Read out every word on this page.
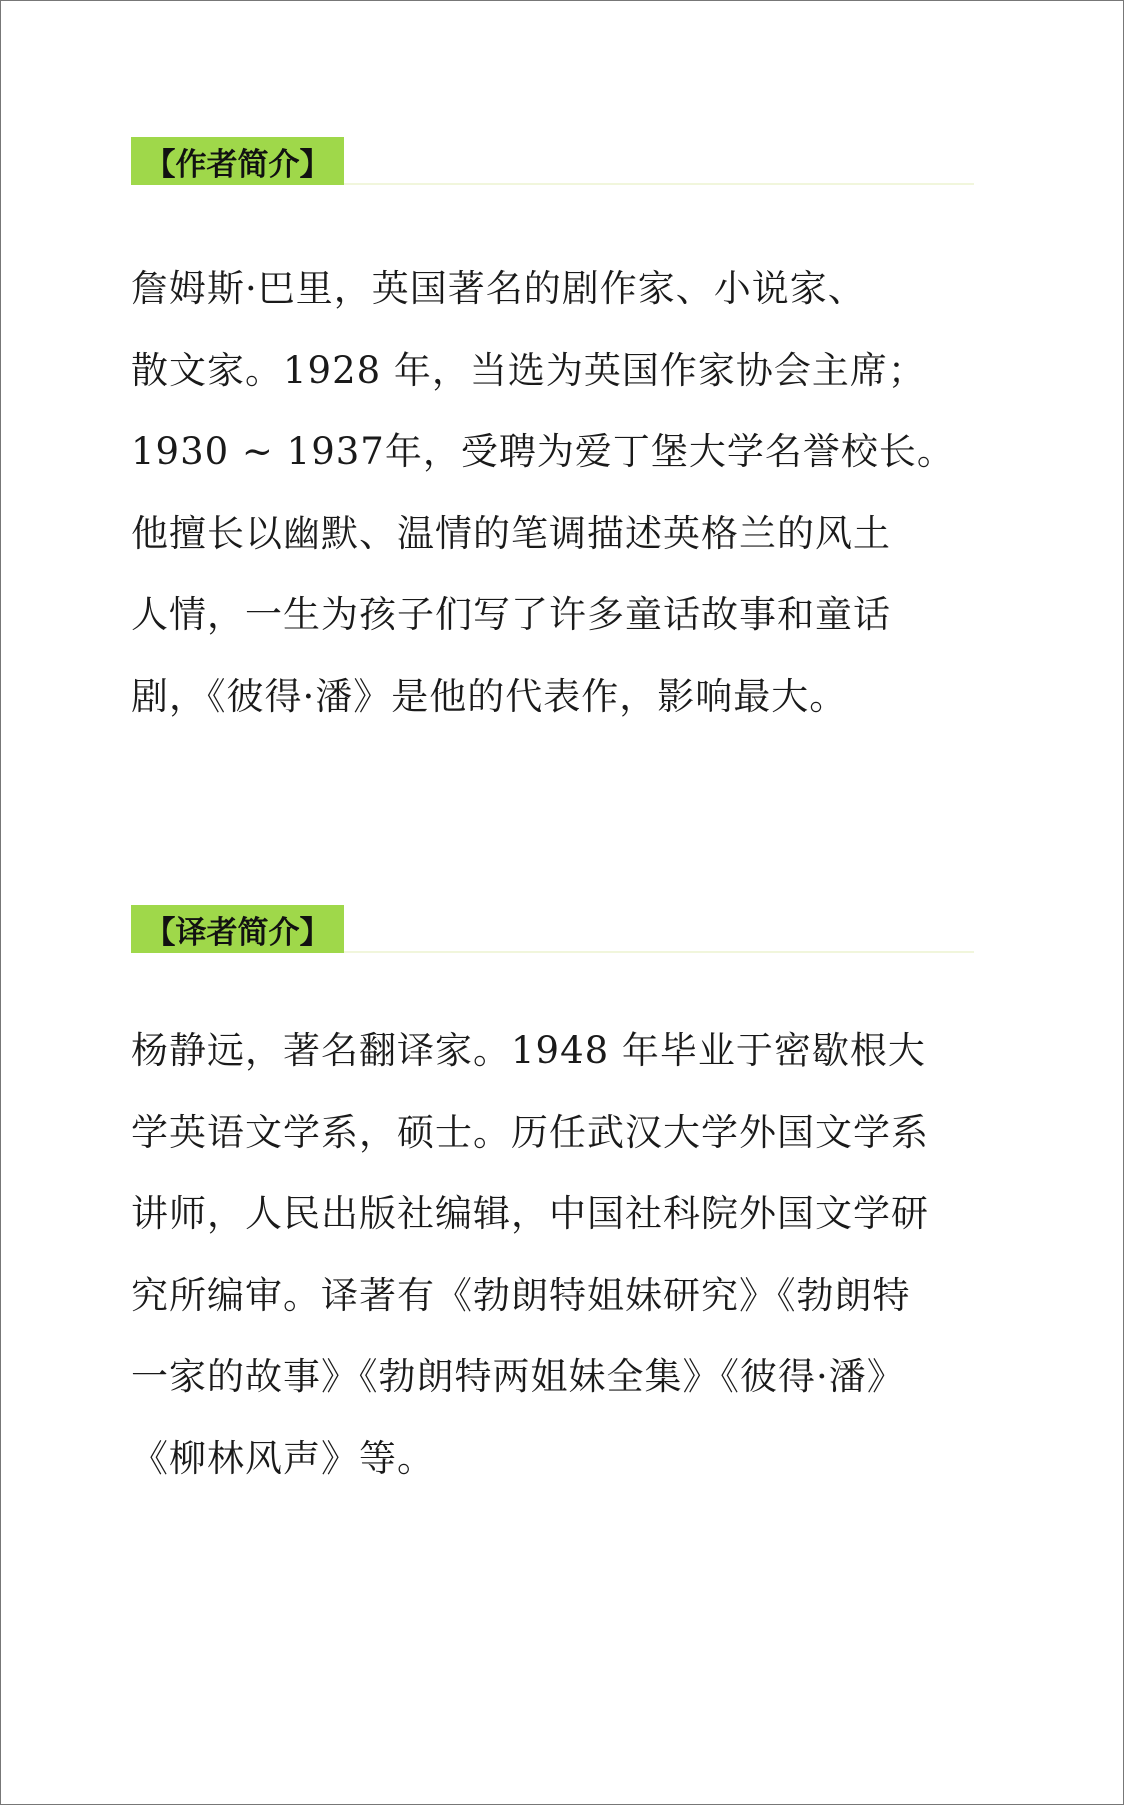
【作者简介】
詹姆斯·巴里，英国著名的剧作家、小说家、
散文家。1928 年，当选为英国作家协会主席；
1930 ~ 1937年，受聘为爱丁堡大学名誉校长。
他擅长以幽默、温情的笔调描述英格兰的风土
人情，一生为孩子们写了许多童话故事和童话
剧，《彼得·潘》是他的代表作，影响最大。
【译者简介】
杨静远，著名翻译家。1948 年毕业于密歇根大
学英语文学系，硕士。历任武汉大学外国文学系
讲师，人民出版社编辑，中国社科院外国文学研
究所编审。译著有《勃朗特姐妹研究》《勃朗特
一家的故事》《勃朗特两姐妹全集》《彼得·潘》
《柳林风声》等。
